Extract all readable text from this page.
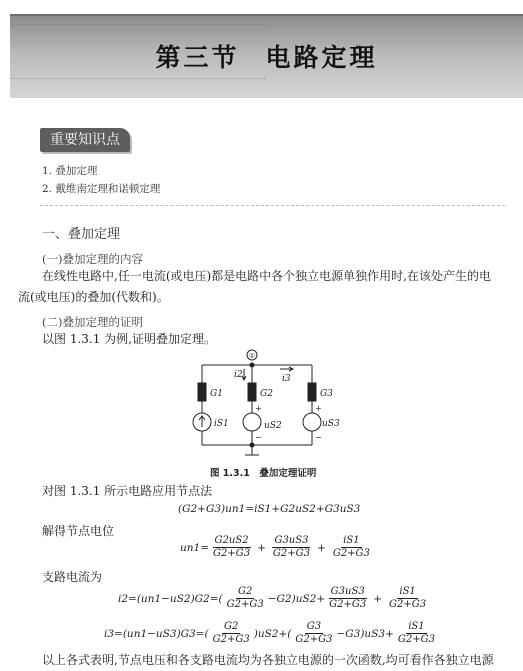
⋯⋯⋯⋯⋯⋯⋯⋯⋯⋯⋯⋯⋯⋯⋯⋯⋯⋯⋯⋯⋯⋯⋯⋯⋯⋯⋯⋯⋯⋯⋯⋯
第三节 电路定理
⋯⋯⋯⋯⋯⋯⋯⋯⋯⋯⋯⋯⋯⋯⋯⋯⋯⋯⋯⋯⋯⋯⋯⋯⋯⋯⋯⋯⋯⋯⋯⋯
重要知识点
1. 叠加定理
2. 戴维南定理和诺顿定理
一、叠加定理
(一)叠加定理的内容
在线性电路中,任一电流(或电压)都是电路中各个独立电源单独作用时,在该处产生的电
流(或电压)的叠加(代数和)。
(二)叠加定理的证明
以图 1.3.1 为例,证明叠加定理。
①
i2	i3
G1	G2	G3
iS1	uS2	uS3
+
−
+
−
图 1.3.1　叠加定理证明
对图 1.3.1 所示电路应用节点法
(G2+G3)un1=iS1+G2uS2+G3uS3
解得节点电位
$un1= \frac{G2uS2}{G2+G3} + \frac{G3uS3}{G2+G3} + \frac{iS1}{G2+G3}$
支路电流为
$i2=(un1-uS2)G2=( \frac{G2}{G2+G3} -G2)uS2+ \frac{G3uS3}{G2+G3} + \frac{iS1}{G2+G3}$
$i3=(un1-uS3)G3=( \frac{G2}{G2+G3} )uS2+( \frac{G3}{G2+G3} -G3)uS3+ \frac{iS1}{G2+G3}$
以上各式表明,节点电压和各支路电流均为各独立电源的一次函数,均可看作各独立电源
